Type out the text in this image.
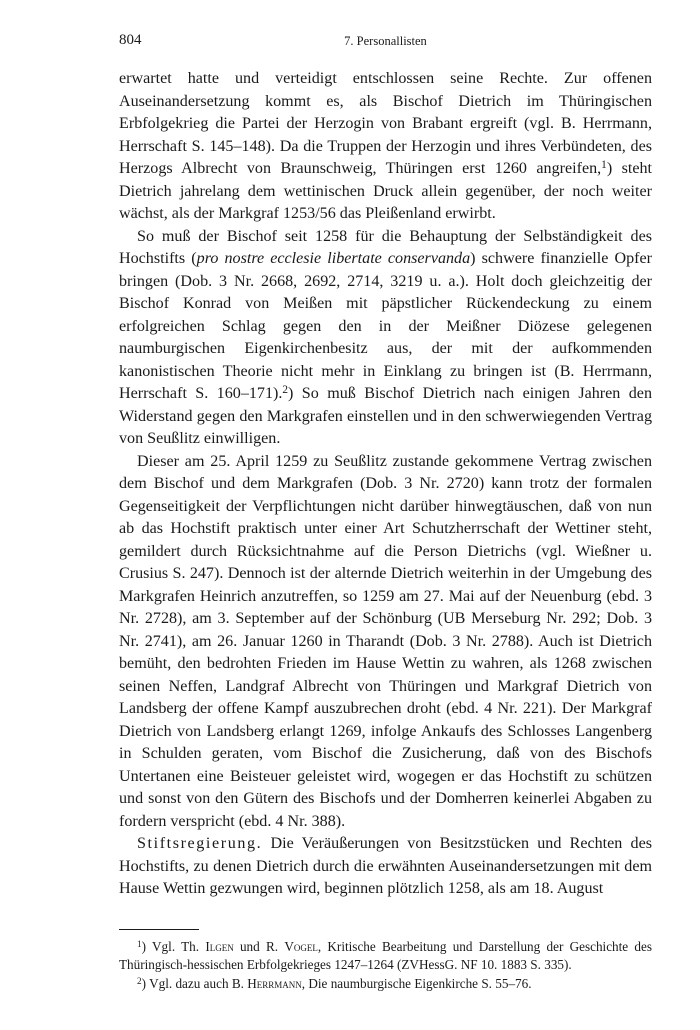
804	7. Personallisten

erwartet hatte und verteidigt entschlossen seine Rechte. Zur offenen Auseinandersetzung kommt es, als Bischof Dietrich im Thüringischen Erbfolgekrieg die Partei der Herzogin von Brabant ergreift (vgl. B. Herrmann, Herrschaft S. 145–148). Da die Truppen der Herzogin und ihres Verbündeten, des Herzogs Albrecht von Braunschweig, Thüringen erst 1260 angreifen,$^1$) steht Dietrich jahrelang dem wettinischen Druck allein gegenüber, der noch weiter wächst, als der Markgraf 1253/56 das Pleißenland erwirbt.

So muß der Bischof seit 1258 für die Behauptung der Selbständigkeit des Hochstifts (pro nostre ecclesie libertate conservanda) schwere finanzielle Opfer bringen (Dob. 3 Nr. 2668, 2692, 2714, 3219 u. a.). Holt doch gleichzeitig der Bischof Konrad von Meißen mit päpstlicher Rückendeckung zu einem erfolgreichen Schlag gegen den in der Meißner Diözese gelegenen naumburgischen Eigenkirchenbesitz aus, der mit der aufkommenden kanonistischen Theorie nicht mehr in Einklang zu bringen ist (B. Herrmann, Herrschaft S. 160–171).$^2$) So muß Bischof Dietrich nach einigen Jahren den Widerstand gegen den Markgrafen einstellen und in den schwerwiegenden Vertrag von Seußlitz einwilligen.

Dieser am 25. April 1259 zu Seußlitz zustande gekommene Vertrag zwischen dem Bischof und dem Markgrafen (Dob. 3 Nr. 2720) kann trotz der formalen Gegenseitigkeit der Verpflichtungen nicht darüber hinwegtäuschen, daß von nun ab das Hochstift praktisch unter einer Art Schutzherrschaft der Wettiner steht, gemildert durch Rücksichtnahme auf die Person Dietrichs (vgl. Wießner u. Crusius S. 247). Dennoch ist der alternde Dietrich weiterhin in der Umgebung des Markgrafen Heinrich anzutreffen, so 1259 am 27. Mai auf der Neuenburg (ebd. 3 Nr. 2728), am 3. September auf der Schönburg (UB Merseburg Nr. 292; Dob. 3 Nr. 2741), am 26. Januar 1260 in Tharandt (Dob. 3 Nr. 2788). Auch ist Dietrich bemüht, den bedrohten Frieden im Hause Wettin zu wahren, als 1268 zwischen seinen Neffen, Landgraf Albrecht von Thüringen und Markgraf Dietrich von Landsberg der offene Kampf auszubrechen droht (ebd. 4 Nr. 221). Der Markgraf Dietrich von Landsberg erlangt 1269, infolge Ankaufs des Schlosses Langenberg in Schulden geraten, vom Bischof die Zusicherung, daß von des Bischofs Untertanen eine Beisteuer geleistet wird, wogegen er das Hochstift zu schützen und sonst von den Gütern des Bischofs und der Domherren keinerlei Abgaben zu fordern verspricht (ebd. 4 Nr. 388).

Stiftsregierung. Die Veräußerungen von Besitzstücken und Rechten des Hochstifts, zu denen Dietrich durch die erwähnten Auseinandersetzungen mit dem Hause Wettin gezwungen wird, beginnen plötzlich 1258, als am 18. August

$^1$) Vgl. Th. Ilgen und R. Vogel, Kritische Bearbeitung und Darstellung der Geschichte des Thüringisch-hessischen Erbfolgekrieges 1247–1264 (ZVHessG. NF 10. 1883 S. 335).

$^2$) Vgl. dazu auch B. Herrmann, Die naumburgische Eigenkirche S. 55–76.
